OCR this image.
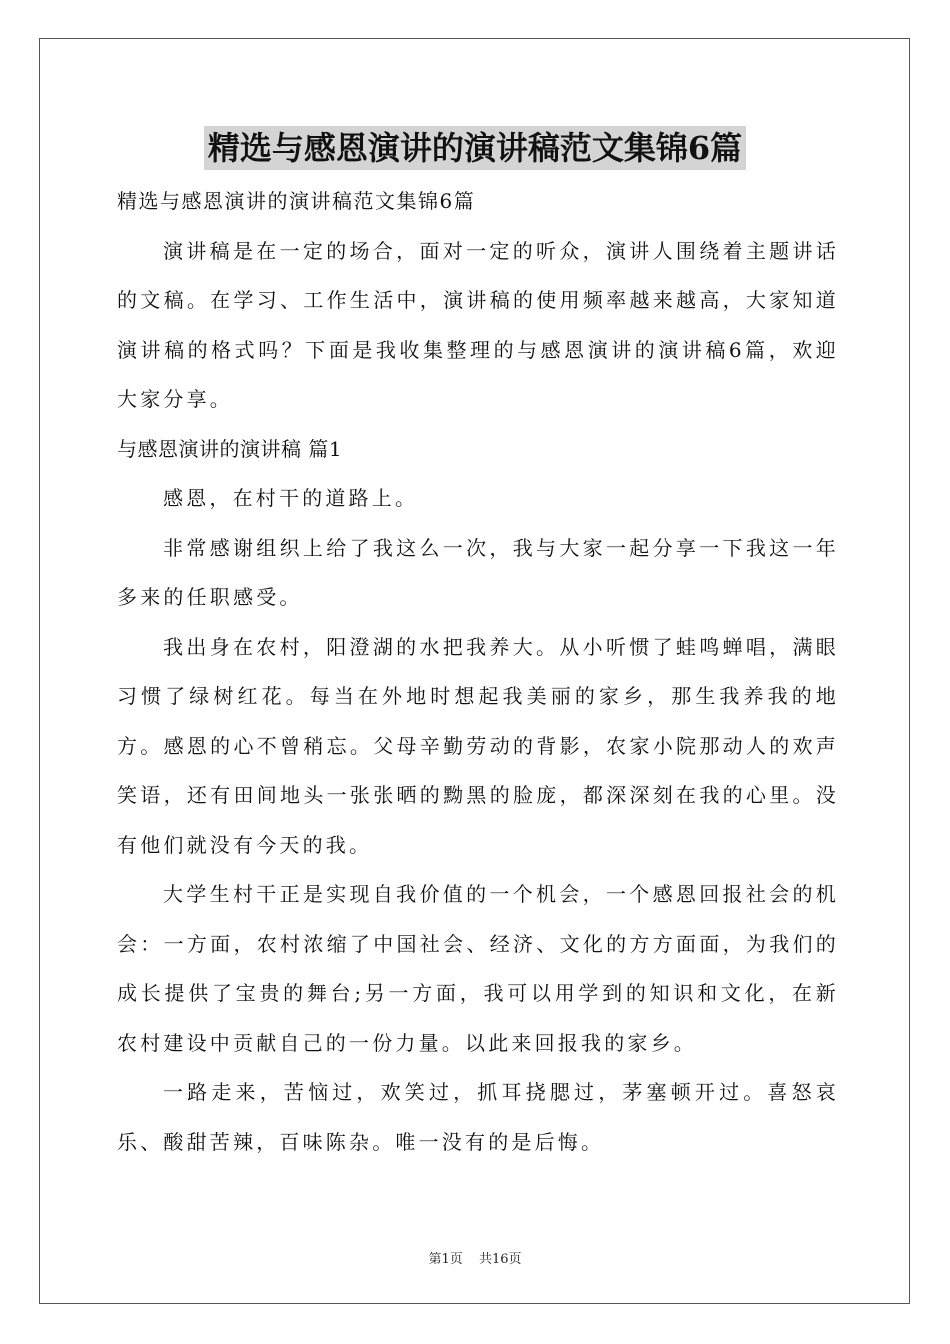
精选与感恩演讲的演讲稿范文集锦6篇
精选与感恩演讲的演讲稿范文集锦6篇

演讲稿是在一定的场合，面对一定的听众，演讲人围绕着主题讲话的文稿。在学习、工作生活中，演讲稿的使用频率越来越高，大家知道演讲稿的格式吗？下面是我收集整理的与感恩演讲的演讲稿6篇，欢迎大家分享。

与感恩演讲的演讲稿 篇1

感恩，在村干的道路上。

非常感谢组织上给了我这么一次，我与大家一起分享一下我这一年多来的任职感受。

我出身在农村，阳澄湖的水把我养大。从小听惯了蛙鸣蝉唱，满眼习惯了绿树红花。每当在外地时想起我美丽的家乡，那生我养我的地方。感恩的心不曾稍忘。父母辛勤劳动的背影，农家小院那动人的欢声笑语，还有田间地头一张张晒的黝黑的脸庞，都深深刻在我的心里。没有他们就没有今天的我。

大学生村干正是实现自我价值的一个机会，一个感恩回报社会的机会：一方面，农村浓缩了中国社会、经济、文化的方方面面，为我们的成长提供了宝贵的舞台;另一方面，我可以用学到的知识和文化，在新农村建设中贡献自己的一份力量。以此来回报我的家乡。

一路走来，苦恼过，欢笑过，抓耳挠腮过，茅塞顿开过。喜怒哀乐、酸甜苦辣，百味陈杂。唯一没有的是后悔。

第1页 共16页
